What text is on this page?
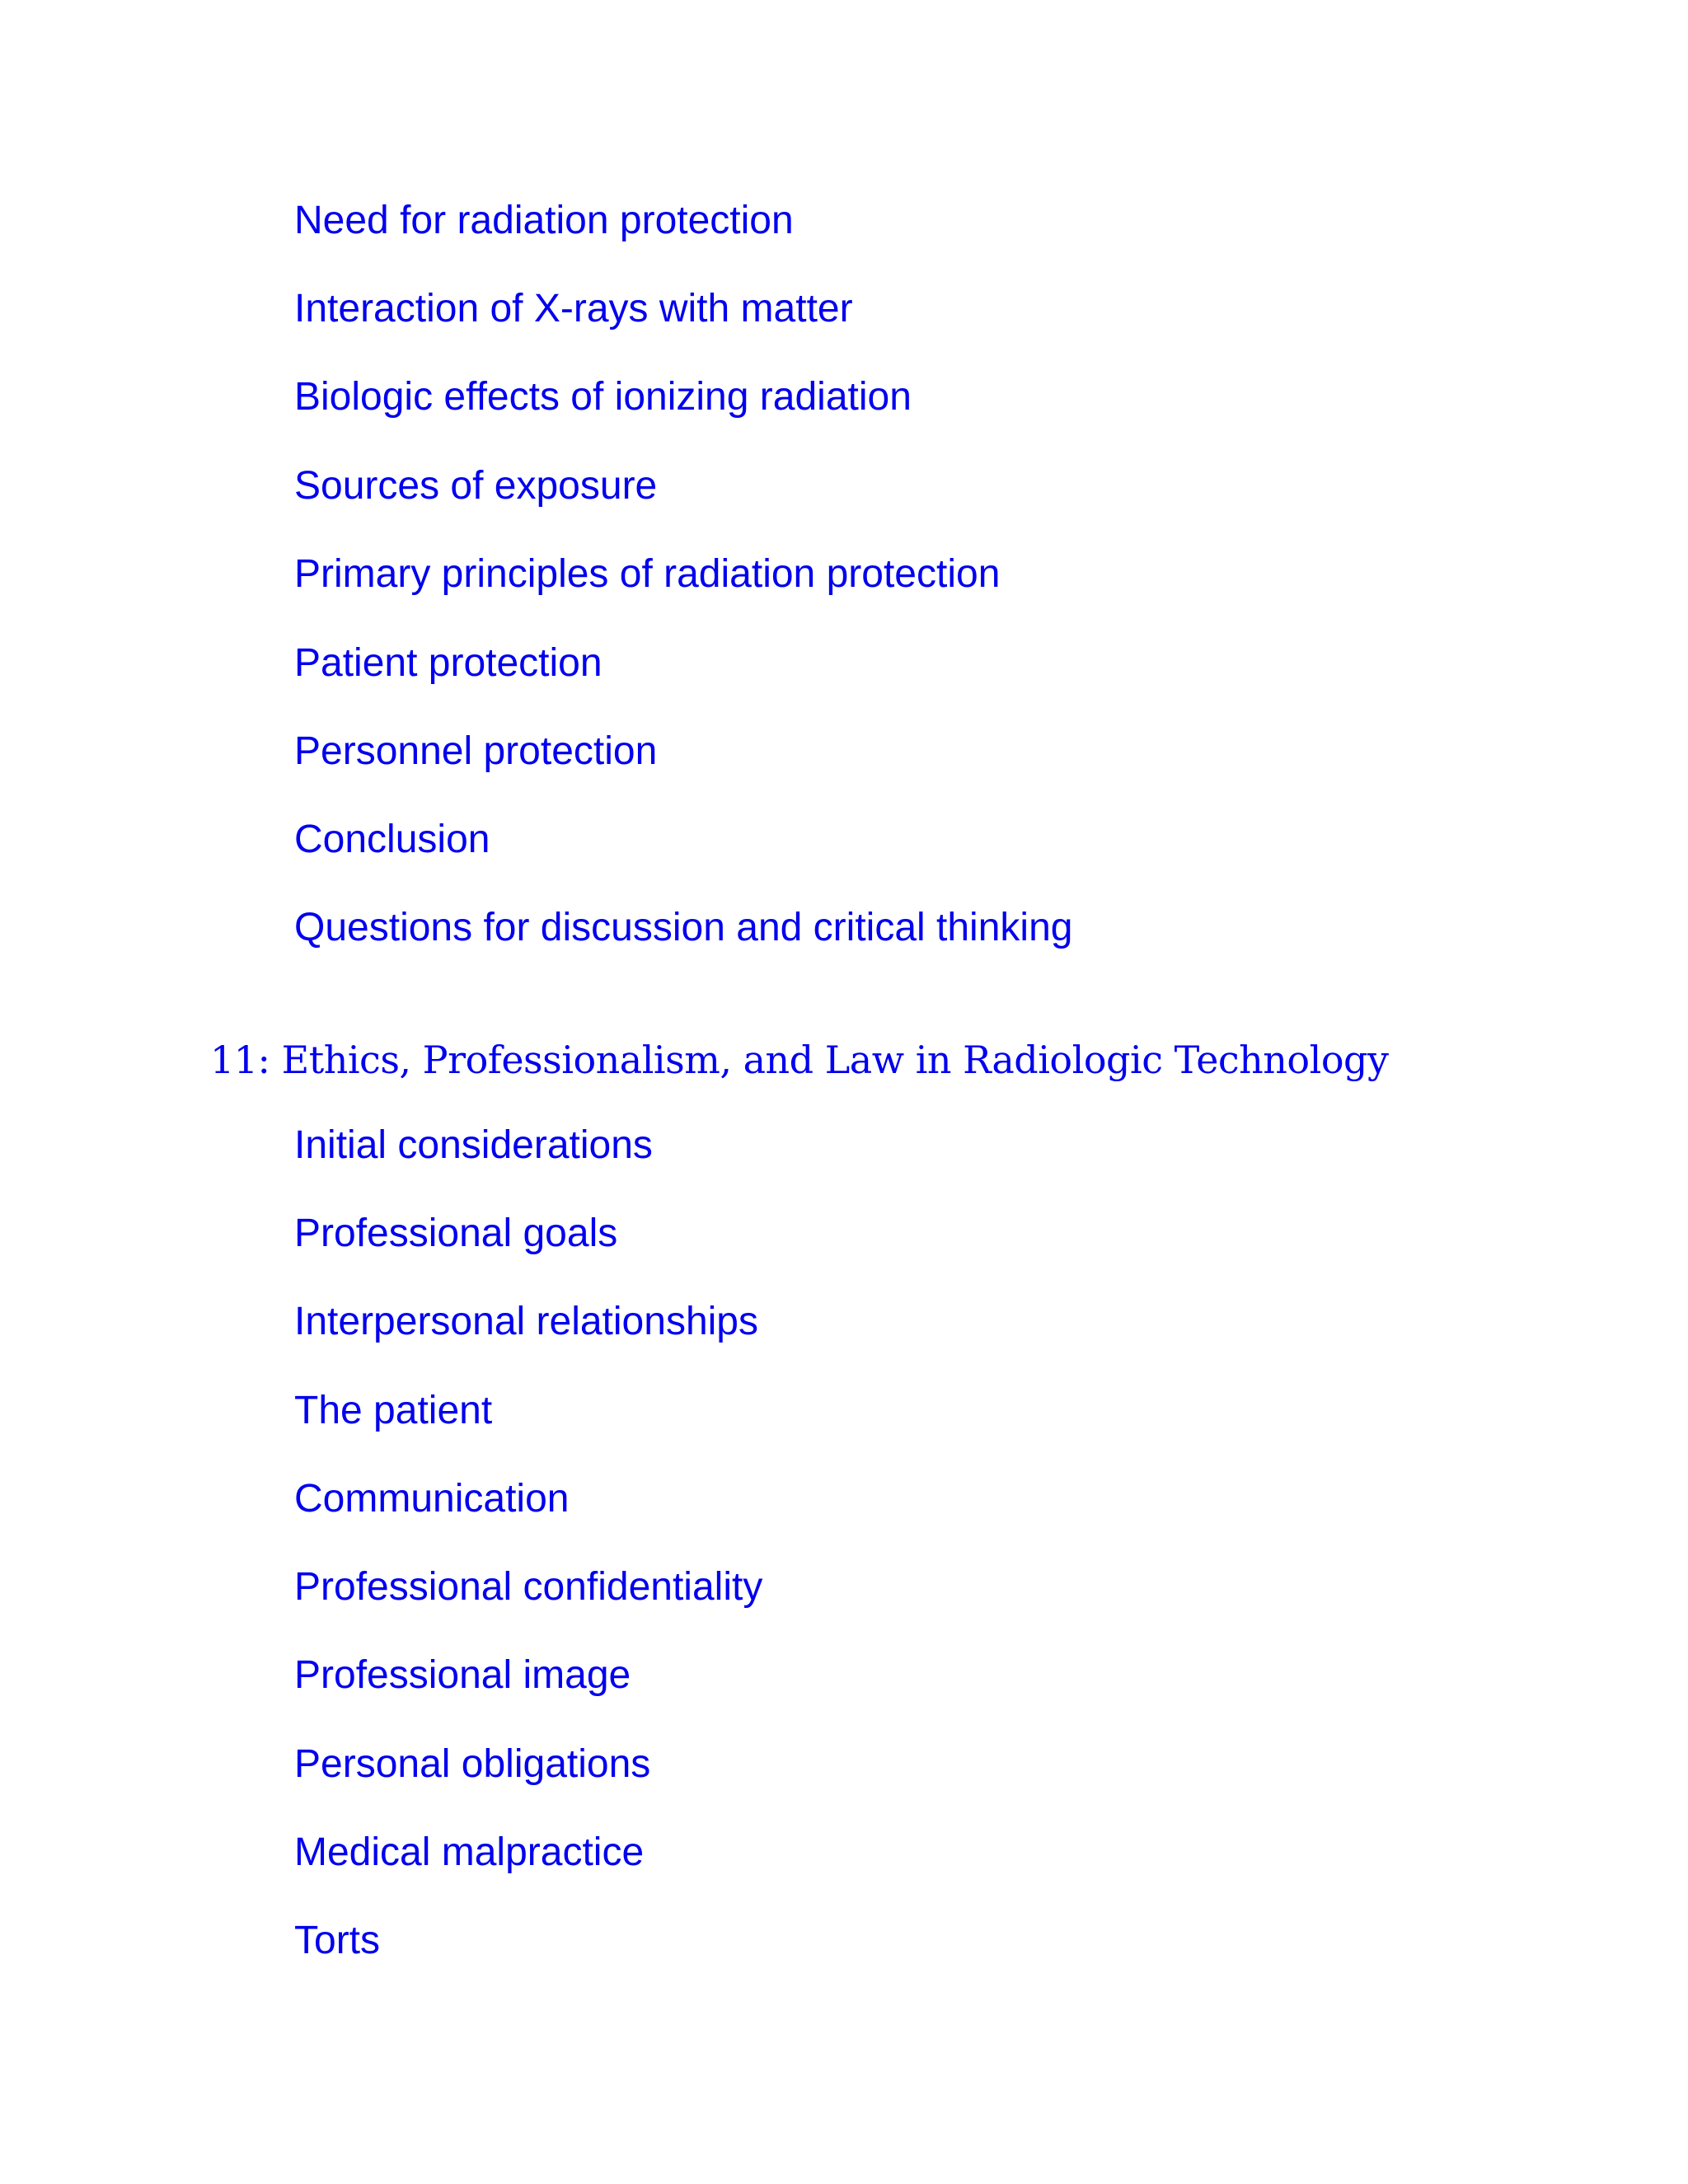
Need for radiation protection
Interaction of X-rays with matter
Biologic effects of ionizing radiation
Sources of exposure
Primary principles of radiation protection
Patient protection
Personnel protection
Conclusion
Questions for discussion and critical thinking
11: Ethics, Professionalism, and Law in Radiologic Technology
Initial considerations
Professional goals
Interpersonal relationships
The patient
Communication
Professional confidentiality
Professional image
Personal obligations
Medical malpractice
Torts
